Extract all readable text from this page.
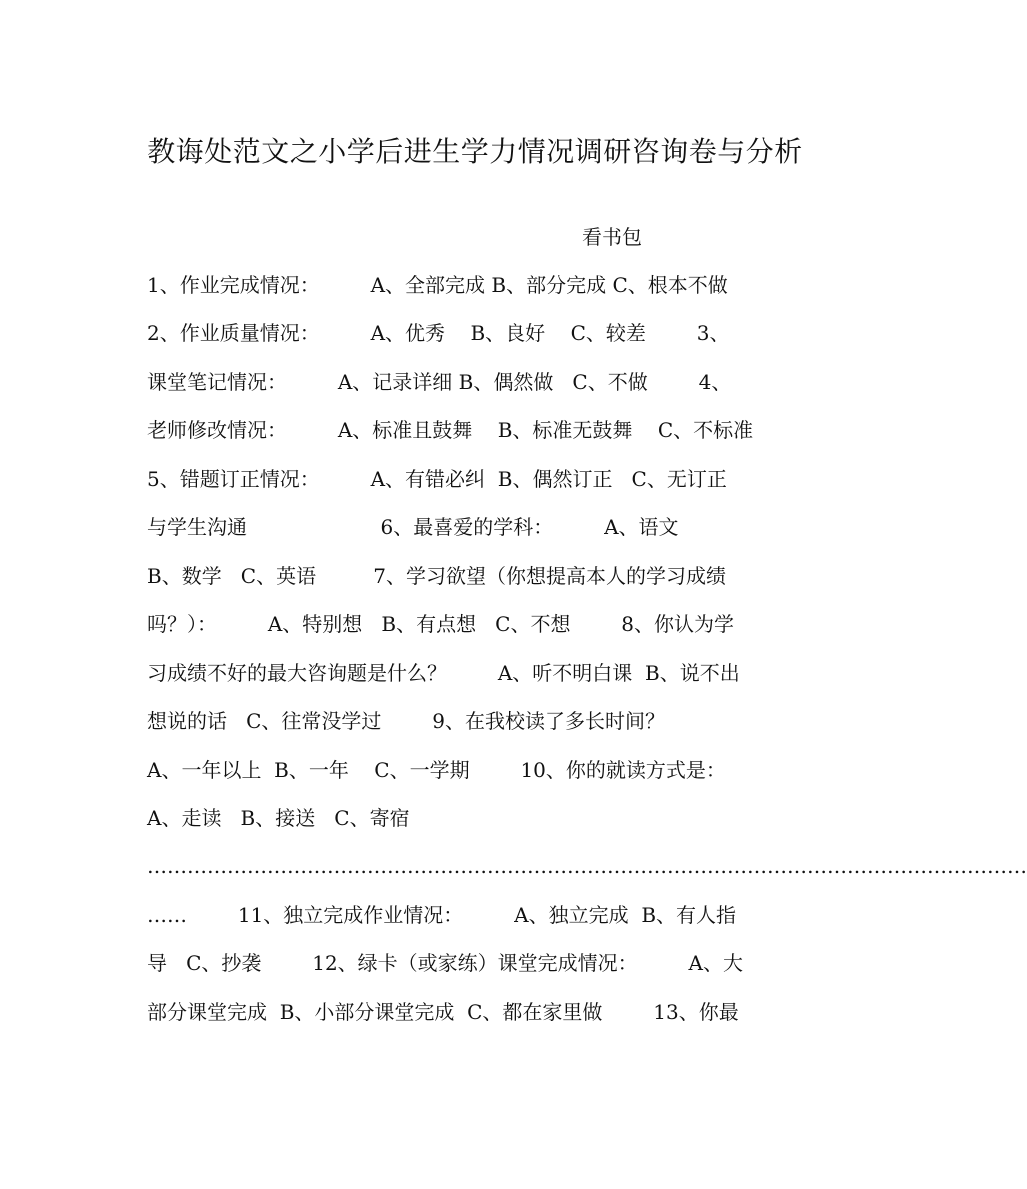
教诲处范文之小学后进生学力情况调研咨询卷与分析
看书包
1、作业完成情况：        A、全部完成 B、部分完成 C、根本不做
2、作业质量情况：        A、优秀    B、良好    C、较差        3、
课堂笔记情况：        A、记录详细 B、偶然做   C、不做        4、
老师修改情况：        A、标准且鼓舞    B、标准无鼓舞    C、不标准
5、错题订正情况：        A、有错必纠  B、偶然订正   C、无订正
与学生沟通                     6、最喜爱的学科：        A、语文
B、数学   C、英语         7、学习欲望（你想提高本人的学习成绩
吗？）：        A、特别想   B、有点想   C、不想        8、你认为学
习成绩不好的最大咨询题是什么？        A、听不明白课  B、说不出
想说的话   C、往常没学过        9、在我校读了多长时间？
A、一年以上  B、一年    C、一学期        10、你的就读方式是：
A、走读   B、接送   C、寄宿
……………………………………………………………………………………………………………………
……        11、独立完成作业情况：        A、独立完成  B、有人指
导   C、抄袭        12、绿卡（或家练）课堂完成情况：        A、大
部分课堂完成  B、小部分课堂完成  C、都在家里做        13、你最
